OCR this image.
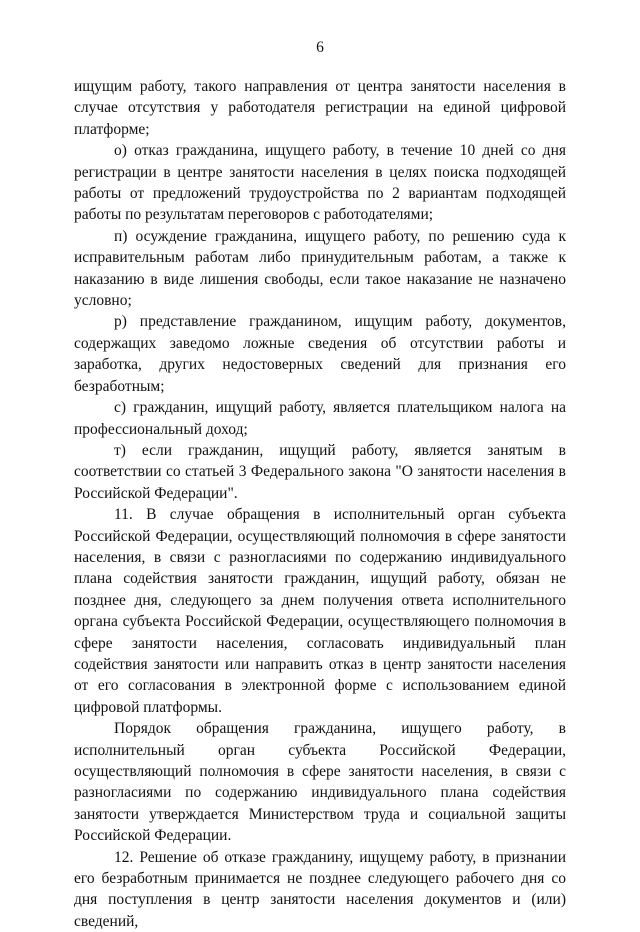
6

ищущим работу, такого направления от центра занятости населения в случае отсутствия у работодателя регистрации на единой цифровой платформе;

о) отказ гражданина, ищущего работу, в течение 10 дней со дня регистрации в центре занятости населения в целях поиска подходящей работы от предложений трудоустройства по 2 вариантам подходящей работы по результатам переговоров с работодателями;

п) осуждение гражданина, ищущего работу, по решению суда к исправительным работам либо принудительным работам, а также к наказанию в виде лишения свободы, если такое наказание не назначено условно;

р) представление гражданином, ищущим работу, документов, содержащих заведомо ложные сведения об отсутствии работы и заработка, других недостоверных сведений для признания его безработным;

с) гражданин, ищущий работу, является плательщиком налога на профессиональный доход;

т) если гражданин, ищущий работу, является занятым в соответствии со статьей 3 Федерального закона "О занятости населения в Российской Федерации".

11. В случае обращения в исполнительный орган субъекта Российской Федерации, осуществляющий полномочия в сфере занятости населения, в связи с разногласиями по содержанию индивидуального плана содействия занятости гражданин, ищущий работу, обязан не позднее дня, следующего за днем получения ответа исполнительного органа субъекта Российской Федерации, осуществляющего полномочия в сфере занятости населения, согласовать индивидуальный план содействия занятости или направить отказ в центр занятости населения от его согласования в электронной форме с использованием единой цифровой платформы.

Порядок обращения гражданина, ищущего работу, в исполнительный орган субъекта Российской Федерации, осуществляющий полномочия в сфере занятости населения, в связи с разногласиями по содержанию индивидуального плана содействия занятости утверждается Министерством труда и социальной защиты Российской Федерации.

12. Решение об отказе гражданину, ищущему работу, в признании его безработным принимается не позднее следующего рабочего дня со дня поступления в центр занятости населения документов и (или) сведений,
